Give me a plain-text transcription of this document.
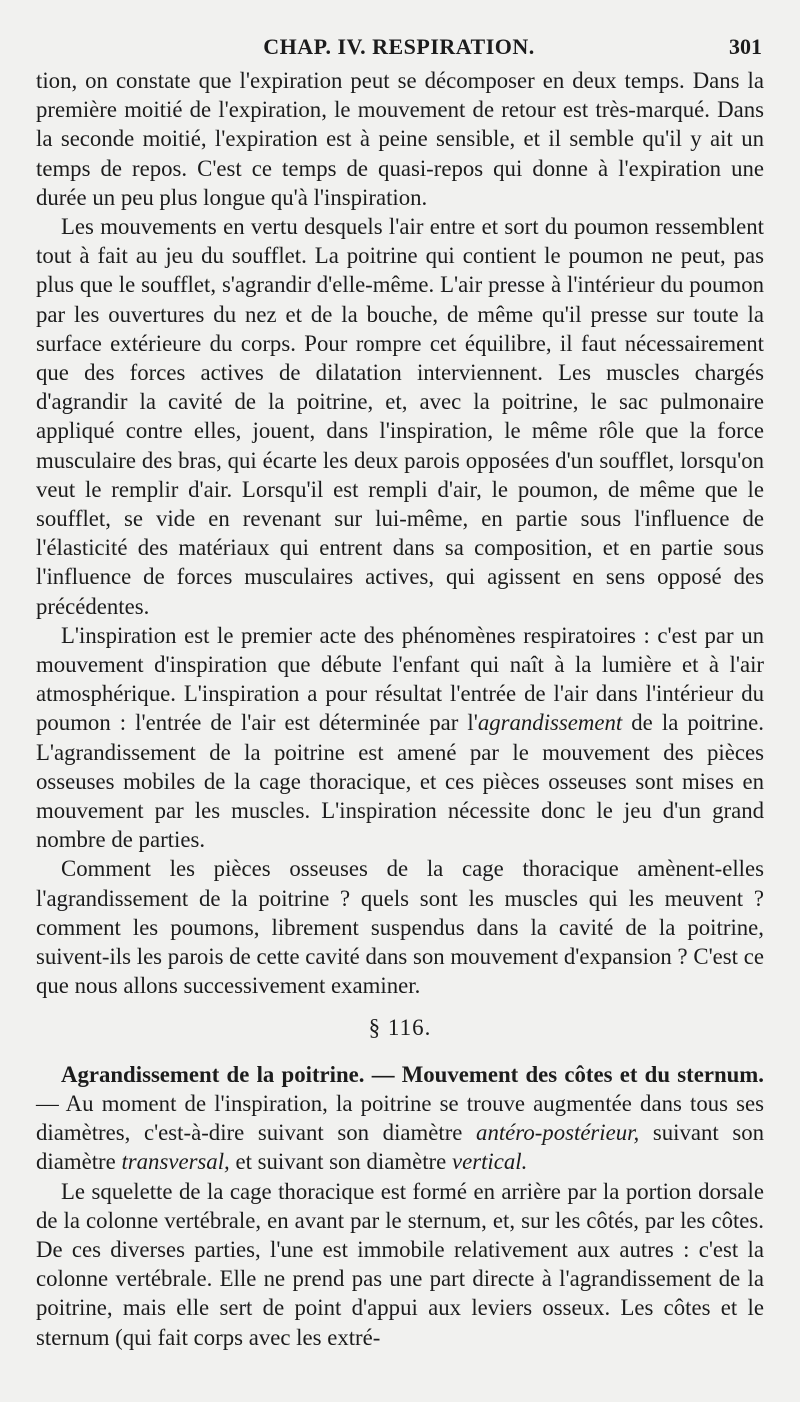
CHAP. IV. RESPIRATION.	301

tion, on constate que l'expiration peut se décomposer en deux temps. Dans la première moitié de l'expiration, le mouvement de retour est très-marqué. Dans la seconde moitié, l'expiration est à peine sensible, et il semble qu'il y ait un temps de repos. C'est ce temps de quasi-repos qui donne à l'expiration une durée un peu plus longue qu'à l'inspiration.

Les mouvements en vertu desquels l'air entre et sort du poumon ressemblent tout à fait au jeu du soufflet. La poitrine qui contient le poumon ne peut, pas plus que le soufflet, s'agrandir d'elle-même. L'air presse à l'intérieur du poumon par les ouvertures du nez et de la bouche, de même qu'il presse sur toute la surface extérieure du corps. Pour rompre cet équilibre, il faut nécessairement que des forces actives de dilatation interviennent. Les muscles chargés d'agrandir la cavité de la poitrine, et, avec la poitrine, le sac pulmonaire appliqué contre elles, jouent, dans l'inspiration, le même rôle que la force musculaire des bras, qui écarte les deux parois opposées d'un soufflet, lorsqu'on veut le remplir d'air. Lorsqu'il est rempli d'air, le poumon, de même que le soufflet, se vide en revenant sur lui-même, en partie sous l'influence de l'élasticité des matériaux qui entrent dans sa composition, et en partie sous l'influence de forces musculaires actives, qui agissent en sens opposé des précédentes.

L'inspiration est le premier acte des phénomènes respiratoires : c'est par un mouvement d'inspiration que débute l'enfant qui naît à la lumière et à l'air atmosphérique. L'inspiration a pour résultat l'entrée de l'air dans l'intérieur du poumon : l'entrée de l'air est déterminée par l'agrandissement de la poitrine. L'agrandissement de la poitrine est amené par le mouvement des pièces osseuses mobiles de la cage thoracique, et ces pièces osseuses sont mises en mouvement par les muscles. L'inspiration nécessite donc le jeu d'un grand nombre de parties.

Comment les pièces osseuses de la cage thoracique amènent-elles l'agrandissement de la poitrine ? quels sont les muscles qui les meuvent ? comment les poumons, librement suspendus dans la cavité de la poitrine, suivent-ils les parois de cette cavité dans son mouvement d'expansion ? C'est ce que nous allons successivement examiner.

§ 116.

Agrandissement de la poitrine. — Mouvement des côtes et du sternum. — Au moment de l'inspiration, la poitrine se trouve augmentée dans tous ses diamètres, c'est-à-dire suivant son diamètre antéro-postérieur, suivant son diamètre transversal, et suivant son diamètre vertical.

Le squelette de la cage thoracique est formé en arrière par la portion dorsale de la colonne vertébrale, en avant par le sternum, et, sur les côtés, par les côtes. De ces diverses parties, l'une est immobile relativement aux autres : c'est la colonne vertébrale. Elle ne prend pas une part directe à l'agrandissement de la poitrine, mais elle sert de point d'appui aux leviers osseux. Les côtes et le sternum (qui fait corps avec les extré-
